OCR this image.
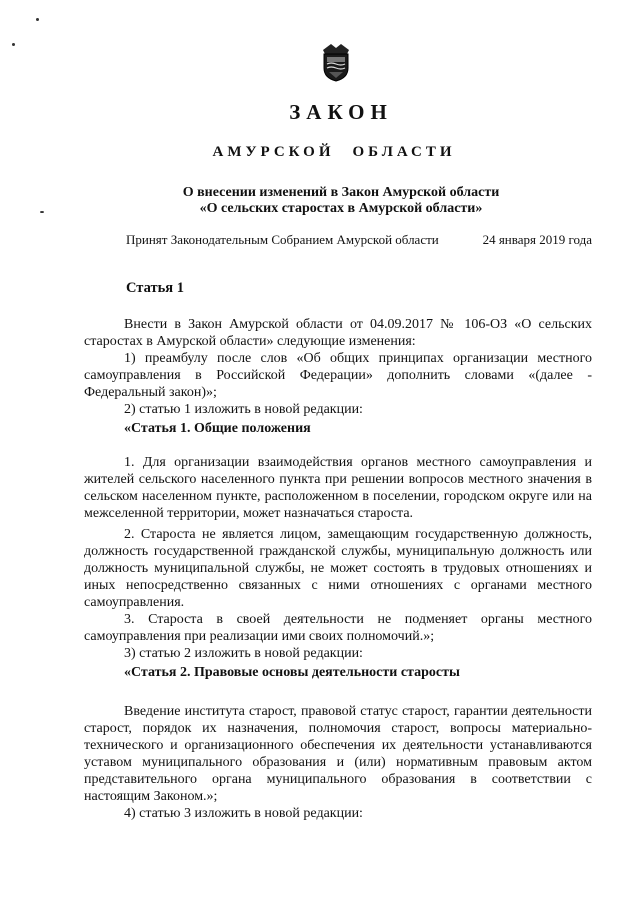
ЗАКОН
АМУРСКОЙ ОБЛАСТИ
О внесении изменений в Закон Амурской области
«О сельских старостах в Амурской области»
Принят Законодательным Собранием Амурской области	24 января 2019 года
Статья 1

Внести в Закон Амурской области от 04.09.2017 № 106-ОЗ «О сельских старостах в Амурской области» следующие изменения:

1) преамбулу после слов «Об общих принципах организации местного самоуправления в Российской Федерации» дополнить словами «(далее - Федеральный закон)»;

2) статью 1 изложить в новой редакции:

«Статья 1. Общие положения

1. Для организации взаимодействия органов местного самоуправления и жителей сельского населенного пункта при решении вопросов местного значения в сельском населенном пункте, расположенном в поселении, городском округе или на межселенной территории, может назначаться староста.

2. Староста не является лицом, замещающим государственную должность, должность государственной гражданской службы, муниципальную должность или должность муниципальной службы, не может состоять в трудовых отношениях и иных непосредственно связанных с ними отношениях с органами местного самоуправления.

3. Староста в своей деятельности не подменяет органы местного самоуправления при реализации ими своих полномочий.»;

3) статью 2 изложить в новой редакции:

«Статья 2. Правовые основы деятельности старосты

Введение института старост, правовой статус старост, гарантии деятельности старост, порядок их назначения, полномочия старост, вопросы материально-технического и организационного обеспечения их деятельности устанавливаются уставом муниципального образования и (или) нормативным правовым актом представительного органа муниципального образования в соответствии с настоящим Законом.»;

4) статью 3 изложить в новой редакции:
